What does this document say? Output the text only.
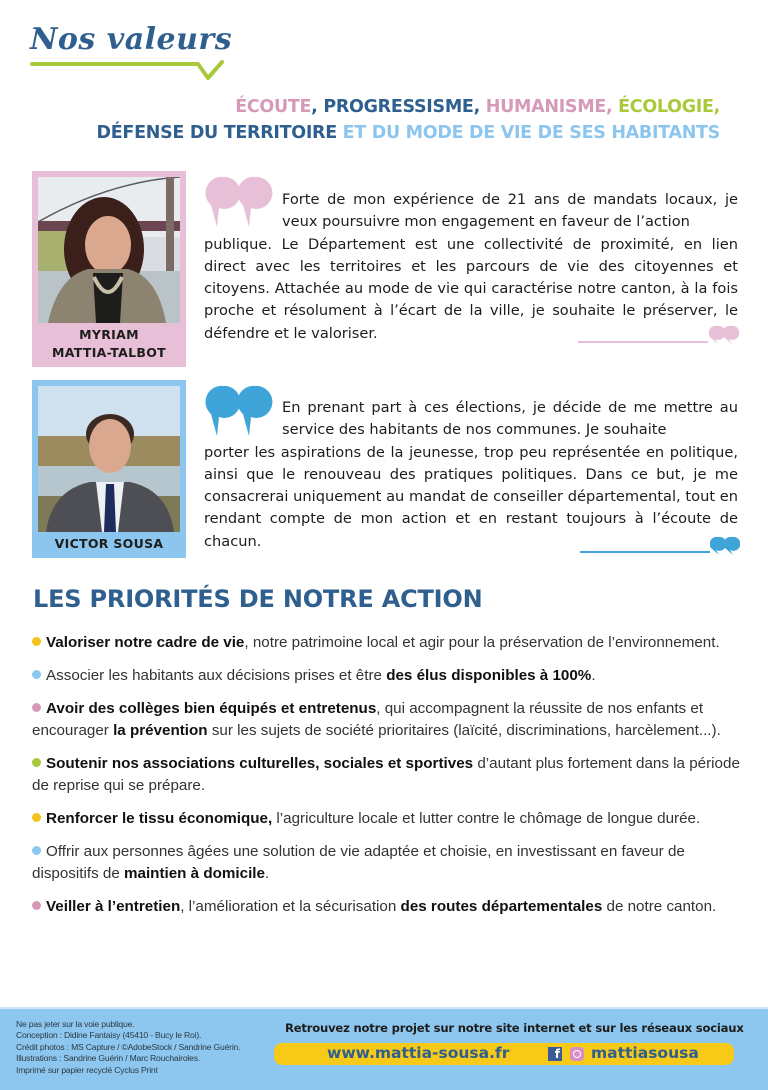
Nos valeurs
ÉCOUTE, PROGRESSISME, HUMANISME, ÉCOLOGIE,
DÉFENSE DU TERRITOIRE ET DU MODE DE VIE DE SES HABITANTS
MYRIAM
MATTIA-TALBOT
Forte de mon expérience de 21 ans de mandats locaux, je veux poursuivre mon engagement en faveur de l’action
publique. Le Département est une collectivité de proximité, en lien direct avec les territoires et les parcours de vie des citoyennes et citoyens. Attachée au mode de vie qui caractérise notre canton, à la fois proche et résolument à l’écart de la ville, je souhaite le préserver, le défendre et le valoriser.
VICTOR SOUSA
En prenant part à ces élections, je décide de me mettre au service des habitants de nos communes. Je souhaite
porter les aspirations de la jeunesse, trop peu représentée en politique, ainsi que le renouveau des pratiques politiques. Dans ce but, je me consacrerai uniquement au mandat de conseiller départemental, tout en rendant compte de mon action et en restant toujours à l’écoute de chacun.
LES PRIORITÉS DE NOTRE ACTION
Valoriser notre cadre de vie, notre patrimoine local et agir pour la préservation de l’environnement.
Associer les habitants aux décisions prises et être des élus disponibles à 100%.
Avoir des collèges bien équipés et entretenus, qui accompagnent la réussite de nos enfants et encourager la prévention sur les sujets de société prioritaires (laïcité, discriminations, harcèlement...).
Soutenir nos associations culturelles, sociales et sportives d’autant plus fortement dans la période de reprise qui se prépare.
Renforcer le tissu économique, l’agriculture locale et lutter contre le chômage de longue durée.
Offrir aux personnes âgées une solution de vie adaptée et choisie, en investissant en faveur de dispositifs de maintien à domicile.
Veiller à l’entretien, l’amélioration et la sécurisation des routes départementales de notre canton.
Ne pas jeter sur la voie publique.
Conception : Didine Fantaisy (45410 - Bucy le Roi).
Crédit photos : MS Capture / ©AdobeStock / Sandrine Guérin.
Illustrations : Sandrine Guérin / Marc Rouchairoles.
Imprimé sur papier recyclé Cyclus Print
Retrouvez notre projet sur notre site internet et sur les réseaux sociaux
www.mattia-sousa.fr	f mattiasousa
